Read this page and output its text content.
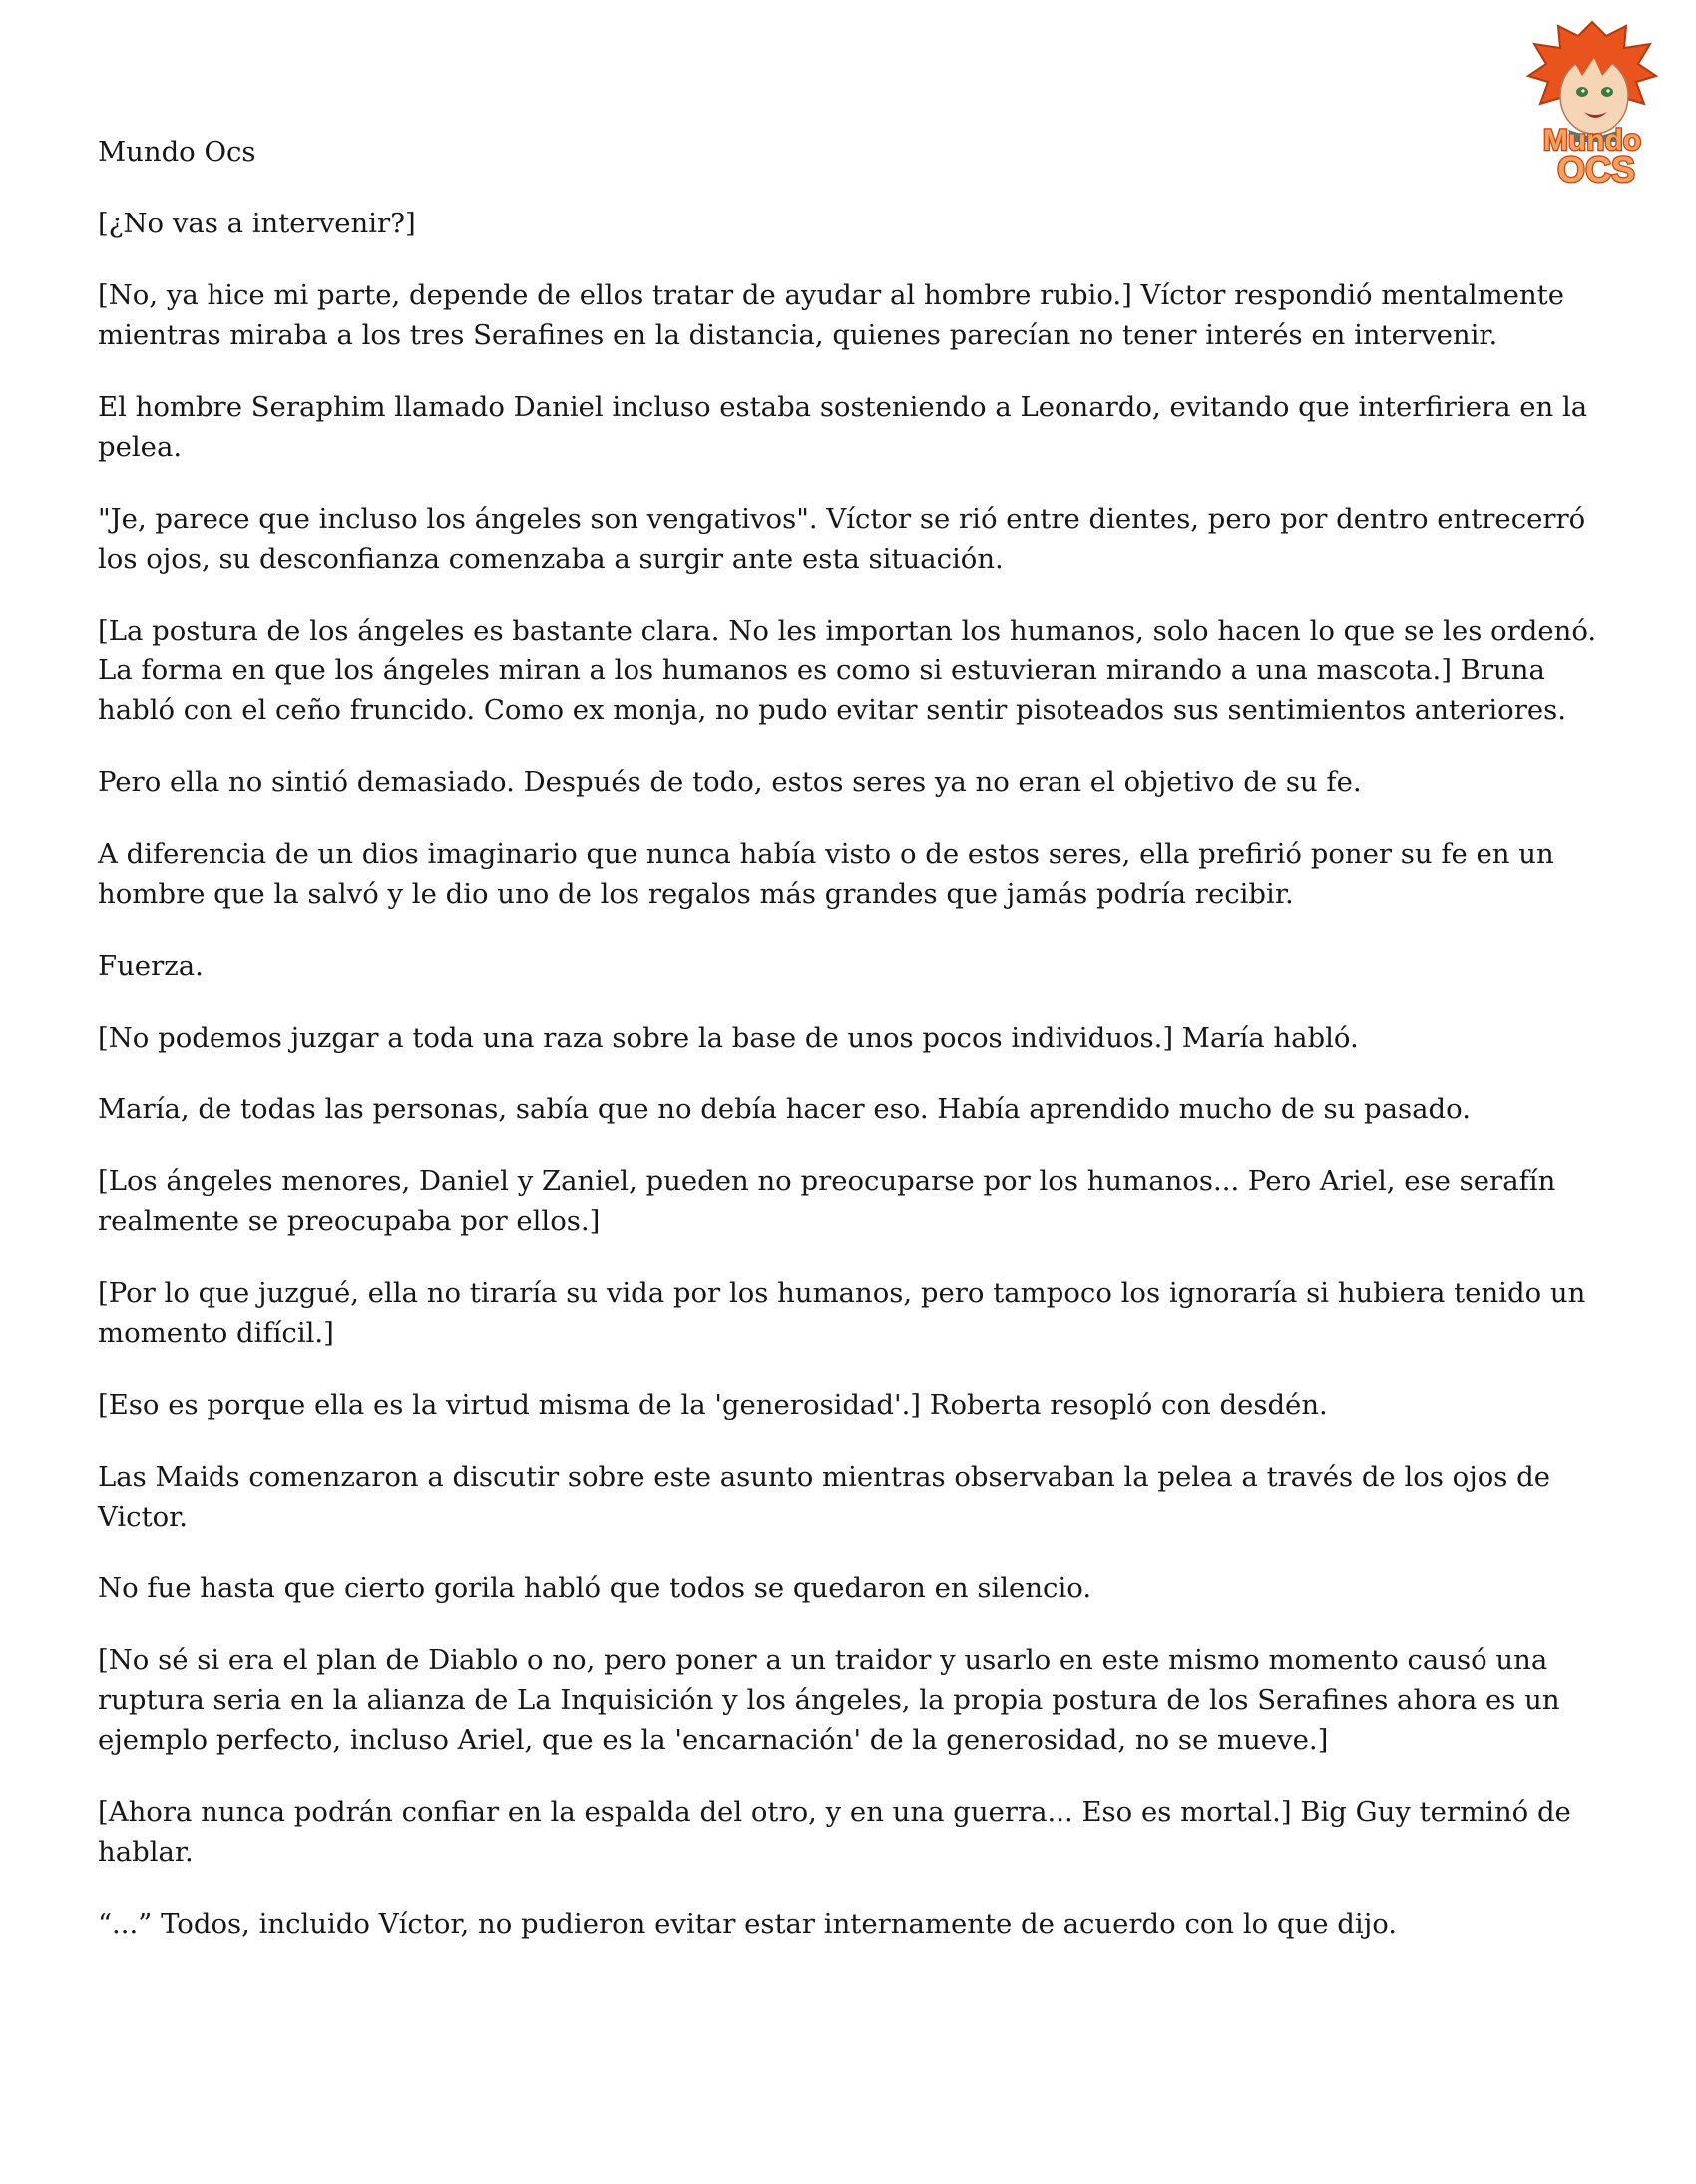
Mundo
OCS

Mundo Ocs

[¿No vas a intervenir?]

[No, ya hice mi parte, depende de ellos tratar de ayudar al hombre rubio.] Víctor respondió mentalmente mientras miraba a los tres Serafines en la distancia, quienes parecían no tener interés en intervenir.

El hombre Seraphim llamado Daniel incluso estaba sosteniendo a Leonardo, evitando que interfiriera en la pelea.

"Je, parece que incluso los ángeles son vengativos". Víctor se rió entre dientes, pero por dentro entrecerró los ojos, su desconfianza comenzaba a surgir ante esta situación.

[La postura de los ángeles es bastante clara. No les importan los humanos, solo hacen lo que se les ordenó. La forma en que los ángeles miran a los humanos es como si estuvieran mirando a una mascota.] Bruna habló con el ceño fruncido. Como ex monja, no pudo evitar sentir pisoteados sus sentimientos anteriores.

Pero ella no sintió demasiado. Después de todo, estos seres ya no eran el objetivo de su fe.

A diferencia de un dios imaginario que nunca había visto o de estos seres, ella prefirió poner su fe en un hombre que la salvó y le dio uno de los regalos más grandes que jamás podría recibir.

Fuerza.

[No podemos juzgar a toda una raza sobre la base de unos pocos individuos.] María habló.

María, de todas las personas, sabía que no debía hacer eso. Había aprendido mucho de su pasado.

[Los ángeles menores, Daniel y Zaniel, pueden no preocuparse por los humanos... Pero Ariel, ese serafín realmente se preocupaba por ellos.]

[Por lo que juzgué, ella no tiraría su vida por los humanos, pero tampoco los ignoraría si hubiera tenido un momento difícil.]

[Eso es porque ella es la virtud misma de la 'generosidad'.] Roberta resopló con desdén.

Las Maids comenzaron a discutir sobre este asunto mientras observaban la pelea a través de los ojos de Victor.

No fue hasta que cierto gorila habló que todos se quedaron en silencio.

[No sé si era el plan de Diablo o no, pero poner a un traidor y usarlo en este mismo momento causó una ruptura seria en la alianza de La Inquisición y los ángeles, la propia postura de los Serafines ahora es un ejemplo perfecto, incluso Ariel, que es la 'encarnación' de la generosidad, no se mueve.]

[Ahora nunca podrán confiar en la espalda del otro, y en una guerra... Eso es mortal.] Big Guy terminó de hablar.

“...” Todos, incluido Víctor, no pudieron evitar estar internamente de acuerdo con lo que dijo.
